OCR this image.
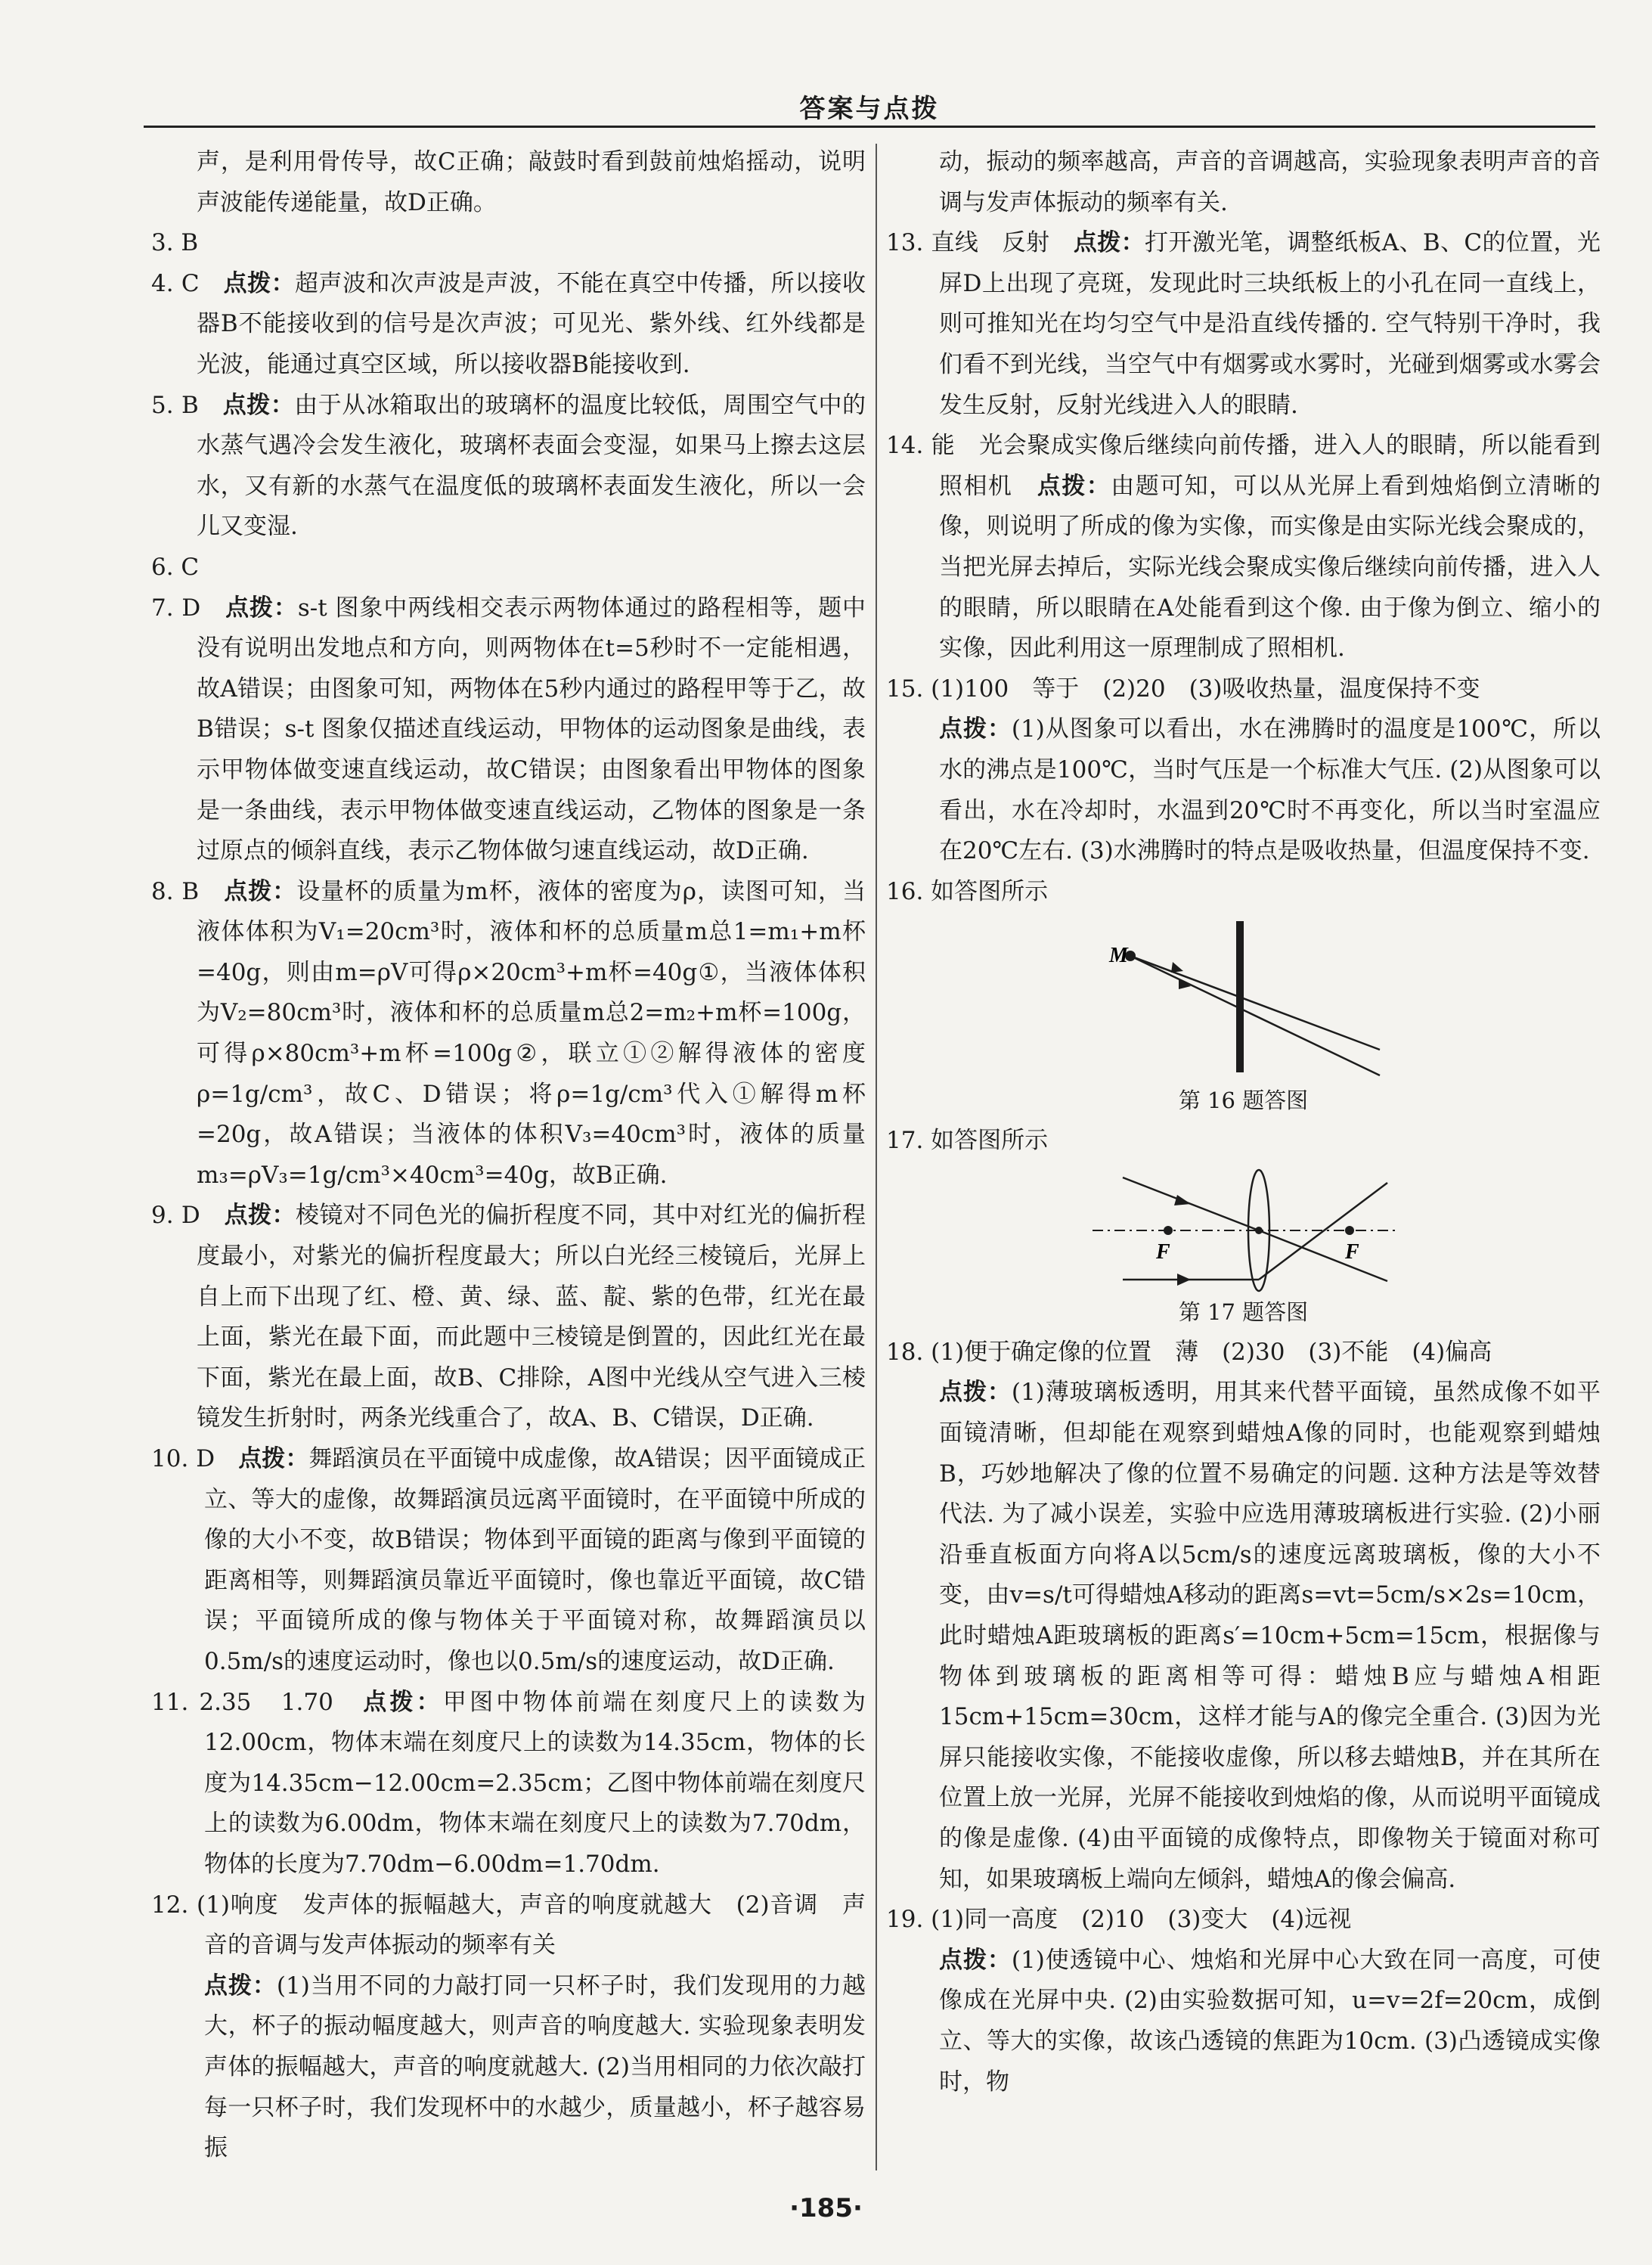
答案与点拨
声，是利用骨传导，故C正确；敲鼓时看到鼓前烛焰摇动，说明声波能传递能量，故D正确。
3. B
4. C　 点拨：超声波和次声波是声波，不能在真空中传播，所以接收器B不能接收到的信号是次声波；可见光、紫外线、红外线都是光波，能通过真空区域，所以接收器B能接收到.
5. B　 点拨：由于从冰箱取出的玻璃杯的温度比较低，周围空气中的水蒸气遇冷会发生液化，玻璃杯表面会变湿，如果马上擦去这层水，又有新的水蒸气在温度低的玻璃杯表面发生液化，所以一会儿又变湿.
6. C
7. D　 点拨：s-t 图象中两线相交表示两物体通过的路程相等，题中没有说明出发地点和方向，则两物体在t=5秒时不一定能相遇，故A错误；由图象可知，两物体在5秒内通过的路程甲等于乙，故B错误；s-t 图象仅描述直线运动，甲物体的运动图象是曲线，表示甲物体做变速直线运动，故C错误；由图象看出甲物体的图象是一条曲线，表示甲物体做变速直线运动，乙物体的图象是一条过原点的倾斜直线，表示乙物体做匀速直线运动，故D正确.
8. B　 点拨：设量杯的质量为m杯，液体的密度为ρ，读图可知，当液体体积为V₁=20cm³时，液体和杯的总质量m总1=m₁+m杯=40g，则由m=ρV可得ρ×20cm³+m杯=40g①，当液体体积为V₂=80cm³时，液体和杯的总质量m总2=m₂+m杯=100g，可得ρ×80cm³+m杯=100g②，联立①②解得液体的密度ρ=1g/cm³，故C、D错误；将ρ=1g/cm³代入①解得m杯=20g，故A错误；当液体的体积V₃=40cm³时，液体的质量m₃=ρV₃=1g/cm³×40cm³=40g，故B正确.
9. D　 点拨：棱镜对不同色光的偏折程度不同，其中对红光的偏折程度最小，对紫光的偏折程度最大；所以白光经三棱镜后，光屏上自上而下出现了红、橙、黄、绿、蓝、靛、紫的色带，红光在最上面，紫光在最下面，而此题中三棱镜是倒置的，因此红光在最下面，紫光在最上面，故B、C排除，A图中光线从空气进入三棱镜发生折射时，两条光线重合了，故A、B、C错误，D正确.
10. D　 点拨：舞蹈演员在平面镜中成虚像，故A错误；因平面镜成正立、等大的虚像，故舞蹈演员远离平面镜时，在平面镜中所成的像的大小不变，故B错误；物体到平面镜的距离与像到平面镜的距离相等，则舞蹈演员靠近平面镜时，像也靠近平面镜，故C错误；平面镜所成的像与物体关于平面镜对称，故舞蹈演员以0.5m/s的速度运动时，像也以0.5m/s的速度运动，故D正确.
11. 2.35　1.70　 点拨：甲图中物体前端在刻度尺上的读数为12.00cm，物体末端在刻度尺上的读数为14.35cm，物体的长度为14.35cm−12.00cm=2.35cm；乙图中物体前端在刻度尺上的读数为6.00dm，物体末端在刻度尺上的读数为7.70dm，物体的长度为7.70dm−6.00dm=1.70dm.
12. (1)响度　发声体的振幅越大，声音的响度就越大　(2)音调　声音的音调与发声体振动的频率有关
点拨：(1)当用不同的力敲打同一只杯子时，我们发现用的力越大，杯子的振动幅度越大，则声音的响度越大. 实验现象表明发声体的振幅越大，声音的响度就越大. (2)当用相同的力依次敲打每一只杯子时，我们发现杯中的水越少，质量越小，杯子越容易振
动，振动的频率越高，声音的音调越高，实验现象表明声音的音调与发声体振动的频率有关.
13. 直线　反射　 点拨：打开激光笔，调整纸板A、B、C的位置，光屏D上出现了亮斑，发现此时三块纸板上的小孔在同一直线上，则可推知光在均匀空气中是沿直线传播的. 空气特别干净时，我们看不到光线，当空气中有烟雾或水雾时，光碰到烟雾或水雾会发生反射，反射光线进入人的眼睛.
14. 能　光会聚成实像后继续向前传播，进入人的眼睛，所以能看到　照相机　 点拨：由题可知，可以从光屏上看到烛焰倒立清晰的像，则说明了所成的像为实像，而实像是由实际光线会聚成的，当把光屏去掉后，实际光线会聚成实像后继续向前传播，进入人的眼睛，所以眼睛在A处能看到这个像. 由于像为倒立、缩小的实像，因此利用这一原理制成了照相机.
15. (1)100　等于　(2)20　(3)吸收热量，温度保持不变
点拨：(1)从图象可以看出，水在沸腾时的温度是100℃，所以水的沸点是100℃，当时气压是一个标准大气压. (2)从图象可以看出，水在冷却时，水温到20℃时不再变化，所以当时室温应在20℃左右. (3)水沸腾时的特点是吸收热量，但温度保持不变.
16. 如答图所示
M
第 16 题答图
17. 如答图所示
F	F
第 17 题答图
18. (1)便于确定像的位置　薄　(2)30　(3)不能　(4)偏高
点拨：(1)薄玻璃板透明，用其来代替平面镜，虽然成像不如平面镜清晰，但却能在观察到蜡烛A像的同时，也能观察到蜡烛B，巧妙地解决了像的位置不易确定的问题. 这种方法是等效替代法. 为了减小误差，实验中应选用薄玻璃板进行实验. (2)小丽沿垂直板面方向将A以5cm/s的速度远离玻璃板，像的大小不变，由v=s/t可得蜡烛A移动的距离s=vt=5cm/s×2s=10cm，此时蜡烛A距玻璃板的距离s′=10cm+5cm=15cm，根据像与物体到玻璃板的距离相等可得：蜡烛B应与蜡烛A相距15cm+15cm=30cm，这样才能与A的像完全重合. (3)因为光屏只能接收实像，不能接收虚像，所以移去蜡烛B，并在其所在位置上放一光屏，光屏不能接收到烛焰的像，从而说明平面镜成的像是虚像. (4)由平面镜的成像特点，即像物关于镜面对称可知，如果玻璃板上端向左倾斜，蜡烛A的像会偏高.
19. (1)同一高度　(2)10　(3)变大　(4)远视
点拨：(1)使透镜中心、烛焰和光屏中心大致在同一高度，可使像成在光屏中央. (2)由实验数据可知，u=v=2f=20cm，成倒立、等大的实像，故该凸透镜的焦距为10cm. (3)凸透镜成实像时，物
·185·
